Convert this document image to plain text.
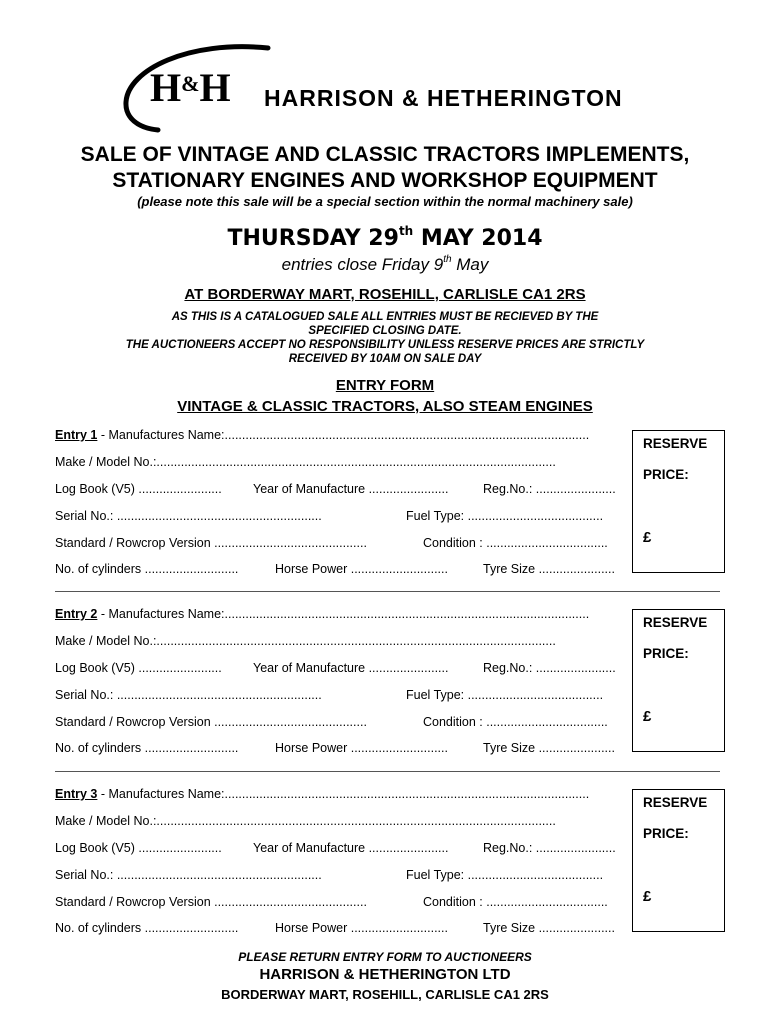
H&H HARRISON & HETHERINGTON
SALE OF VINTAGE AND CLASSIC TRACTORS IMPLEMENTS,
STATIONARY ENGINES AND WORKSHOP EQUIPMENT
(please note this sale will be a special section within the normal machinery sale)
THURSDAY 29th MAY 2014
entries close Friday 9th May
AT BORDERWAY MART, ROSEHILL, CARLISLE CA1 2RS
AS THIS IS A CATALOGUED SALE ALL ENTRIES MUST BE RECIEVED BY THE
SPECIFIED CLOSING DATE.
THE AUCTIONEERS ACCEPT NO RESPONSIBILITY UNLESS RESERVE PRICES ARE STRICTLY
RECEIVED BY 10AM ON SALE DAY
ENTRY FORM
VINTAGE & CLASSIC TRACTORS, ALSO STEAM ENGINES
Entry 1 - Manufactures Name:.........................................................................................................
Make / Model No.:...................................................................................................................
Log Book (V5) ........................	Year of Manufacture .......................	Reg.No.: .......................
Serial No.: ...........................................................	Fuel Type: .......................................
Standard / Rowcrop Version ............................................	Condition : ...................................
No. of cylinders ...........................	Horse Power ............................	Tyre Size ......................
RESERVE
PRICE:
£
Entry 2 - Manufactures Name:.........................................................................................................
Make / Model No.:...................................................................................................................
Log Book (V5) ........................	Year of Manufacture .......................	Reg.No.: .......................
Serial No.: ...........................................................	Fuel Type: .......................................
Standard / Rowcrop Version ............................................	Condition : ...................................
No. of cylinders ...........................	Horse Power ............................	Tyre Size ......................
RESERVE
PRICE:
£
Entry 3 - Manufactures Name:.........................................................................................................
Make / Model No.:...................................................................................................................
Log Book (V5) ........................	Year of Manufacture .......................	Reg.No.: .......................
Serial No.: ...........................................................	Fuel Type: .......................................
Standard / Rowcrop Version ............................................	Condition : ...................................
No. of cylinders ...........................	Horse Power ............................	Tyre Size ......................
RESERVE
PRICE:
£
PLEASE RETURN ENTRY FORM TO AUCTIONEERS
HARRISON & HETHERINGTON LTD
BORDERWAY MART, ROSEHILL, CARLISLE CA1 2RS
